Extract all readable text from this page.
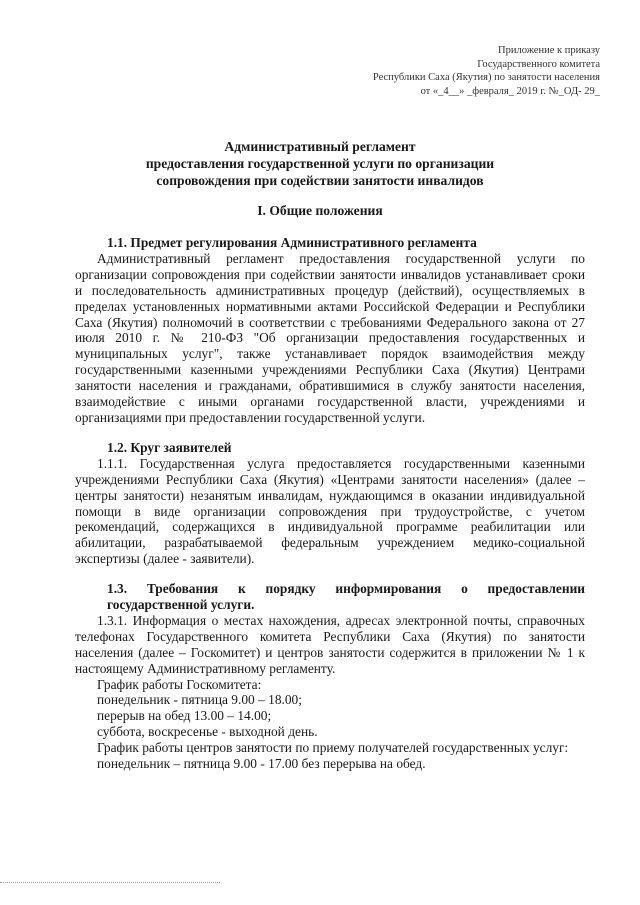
Приложение к приказу
Государственного комитета
Республики Саха (Якутия) по занятости населения
от «_4__» _февраля_ 2019 г. №_ОД- 29_
Административный регламент
предоставления государственной услуги по организации
сопровождения при содействии занятости инвалидов
I. Общие положения

1.1. Предмет регулирования Административного регламента

Административный регламент предоставления государственной услуги по организации сопровождения при содействии занятости инвалидов устанавливает сроки и последовательность административных процедур (действий), осуществляемых в пределах установленных нормативными актами Российской Федерации и Республики Саха (Якутия) полномочий в соответствии с требованиями Федерального закона от 27 июля 2010 г. № 210-ФЗ "Об организации предоставления государственных и муниципальных услуг", также устанавливает порядок взаимодействия между государственными казенными учреждениями Республики Саха (Якутия) Центрами занятости населения и гражданами, обратившимися в службу занятости населения, взаимодействие с иными органами государственной власти, учреждениями и организациями при предоставлении государственной услуги.

1.2. Круг заявителей

1.1.1. Государственная услуга предоставляется государственными казенными учреждениями Республики Саха (Якутия) «Центрами занятости населения» (далее – центры занятости) незанятым инвалидам, нуждающимся в оказании индивидуальной помощи в виде организации сопровождения при трудоустройстве, с учетом рекомендаций, содержащихся в индивидуальной программе реабилитации или абилитации, разрабатываемой федеральным учреждением медико-социальной экспертизы (далее - заявители).

1.3. Требования к порядку информирования о предоставлении государственной услуги.

1.3.1. Информация о местах нахождения, адресах электронной почты, справочных телефонах Государственного комитета Республики Саха (Якутия) по занятости населения (далее – Госкомитет) и центров занятости содержится в приложении № 1 к настоящему Административному регламенту.

График работы Госкомитета:

понедельник - пятница 9.00 – 18.00;

перерыв на обед 13.00 – 14.00;

суббота, воскресенье - выходной день.

График работы центров занятости по приему получателей государственных услуг:

понедельник – пятница 9.00 - 17.00 без перерыва на обед.
